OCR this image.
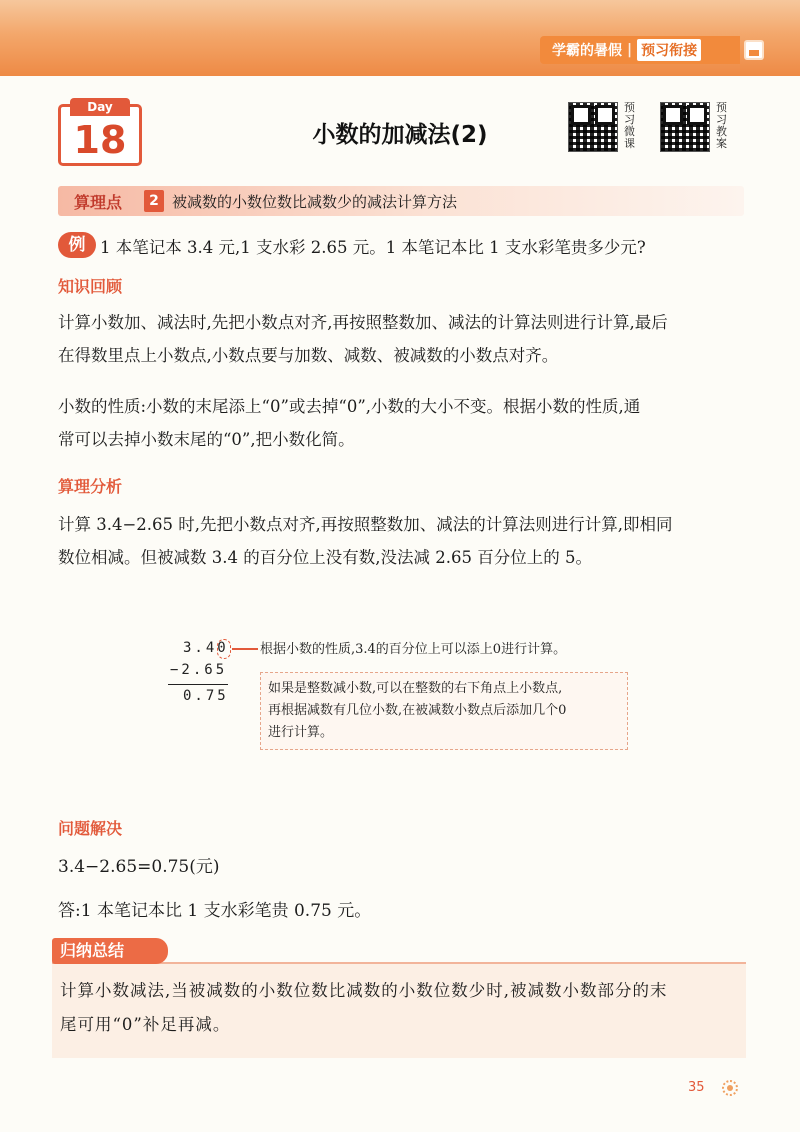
学霸的暑假 | 预习衔接
Day
18	小数的加减法(2)
预习微课
预习教案
算理点	2 被减数的小数位数比减数少的减法计算方法
例 1 本笔记本 3.4 元,1 支水彩 2.65 元。1 本笔记本比 1 支水彩笔贵多少元?
知识回顾
计算小数加、减法时,先把小数点对齐,再按照整数加、减法的计算法则进行计算,最后
在得数里点上小数点,小数点要与加数、减数、被减数的小数点对齐。
小数的性质:小数的末尾添上“0”或去掉“0”,小数的大小不变。根据小数的性质,通
常可以去掉小数末尾的“0”,把小数化简。
算理分析
计算 3.4−2.65 时,先把小数点对齐,再按照整数加、减法的计算法则进行计算,即相同
数位相减。但被减数 3.4 的百分位上没有数,没法减 2.65 百分位上的 5。
3.40
−2.65
0.75
根据小数的性质,3.4的百分位上可以添上0进行计算。
如果是整数减小数,可以在整数的右下角点上小数点,
再根据减数有几位小数,在被减数小数点后添加几个0
进行计算。
问题解决
3.4−2.65=0.75(元)
答:1 本笔记本比 1 支水彩笔贵 0.75 元。
归纳总结
计算小数减法,当被减数的小数位数比减数的小数位数少时,被减数小数部分的末
尾可用“0”补足再减。
35
